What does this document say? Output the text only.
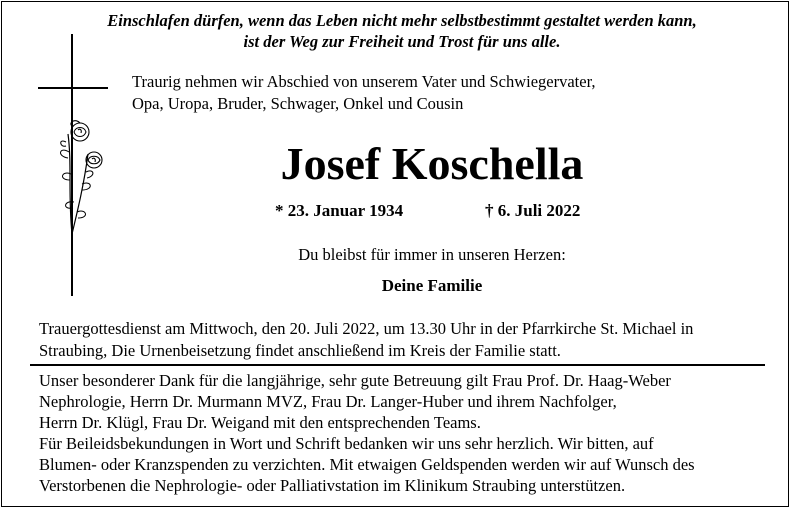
Einschlafen dürfen, wenn das Leben nicht mehr selbstbestimmt gestaltet werden kann,
ist der Weg zur Freiheit und Trost für uns alle.
Traurig nehmen wir Abschied von unserem Vater und Schwiegervater,
Opa, Uropa, Bruder, Schwager, Onkel und Cousin
Josef Koschella
* 23. Januar 1934	† 6. Juli 2022
Du bleibst für immer in unseren Herzen:
Deine Familie
Trauergottesdienst am Mittwoch, den 20. Juli 2022, um 13.30 Uhr in der Pfarrkirche St. Michael in
Straubing, Die Urnenbeisetzung findet anschließend im Kreis der Familie statt.
Unser besonderer Dank für die langjährige, sehr gute Betreuung gilt Frau Prof. Dr. Haag-Weber
Nephrologie, Herrn Dr. Murmann MVZ, Frau Dr. Langer-Huber und ihrem Nachfolger,
Herrn Dr. Klügl, Frau Dr. Weigand mit den entsprechenden Teams.
Für Beileidsbekundungen in Wort und Schrift bedanken wir uns sehr herzlich. Wir bitten, auf
Blumen- oder Kranzspenden zu verzichten. Mit etwaigen Geldspenden werden wir auf Wunsch des
Verstorbenen die Nephrologie- oder Palliativstation im Klinikum Straubing unterstützen.
